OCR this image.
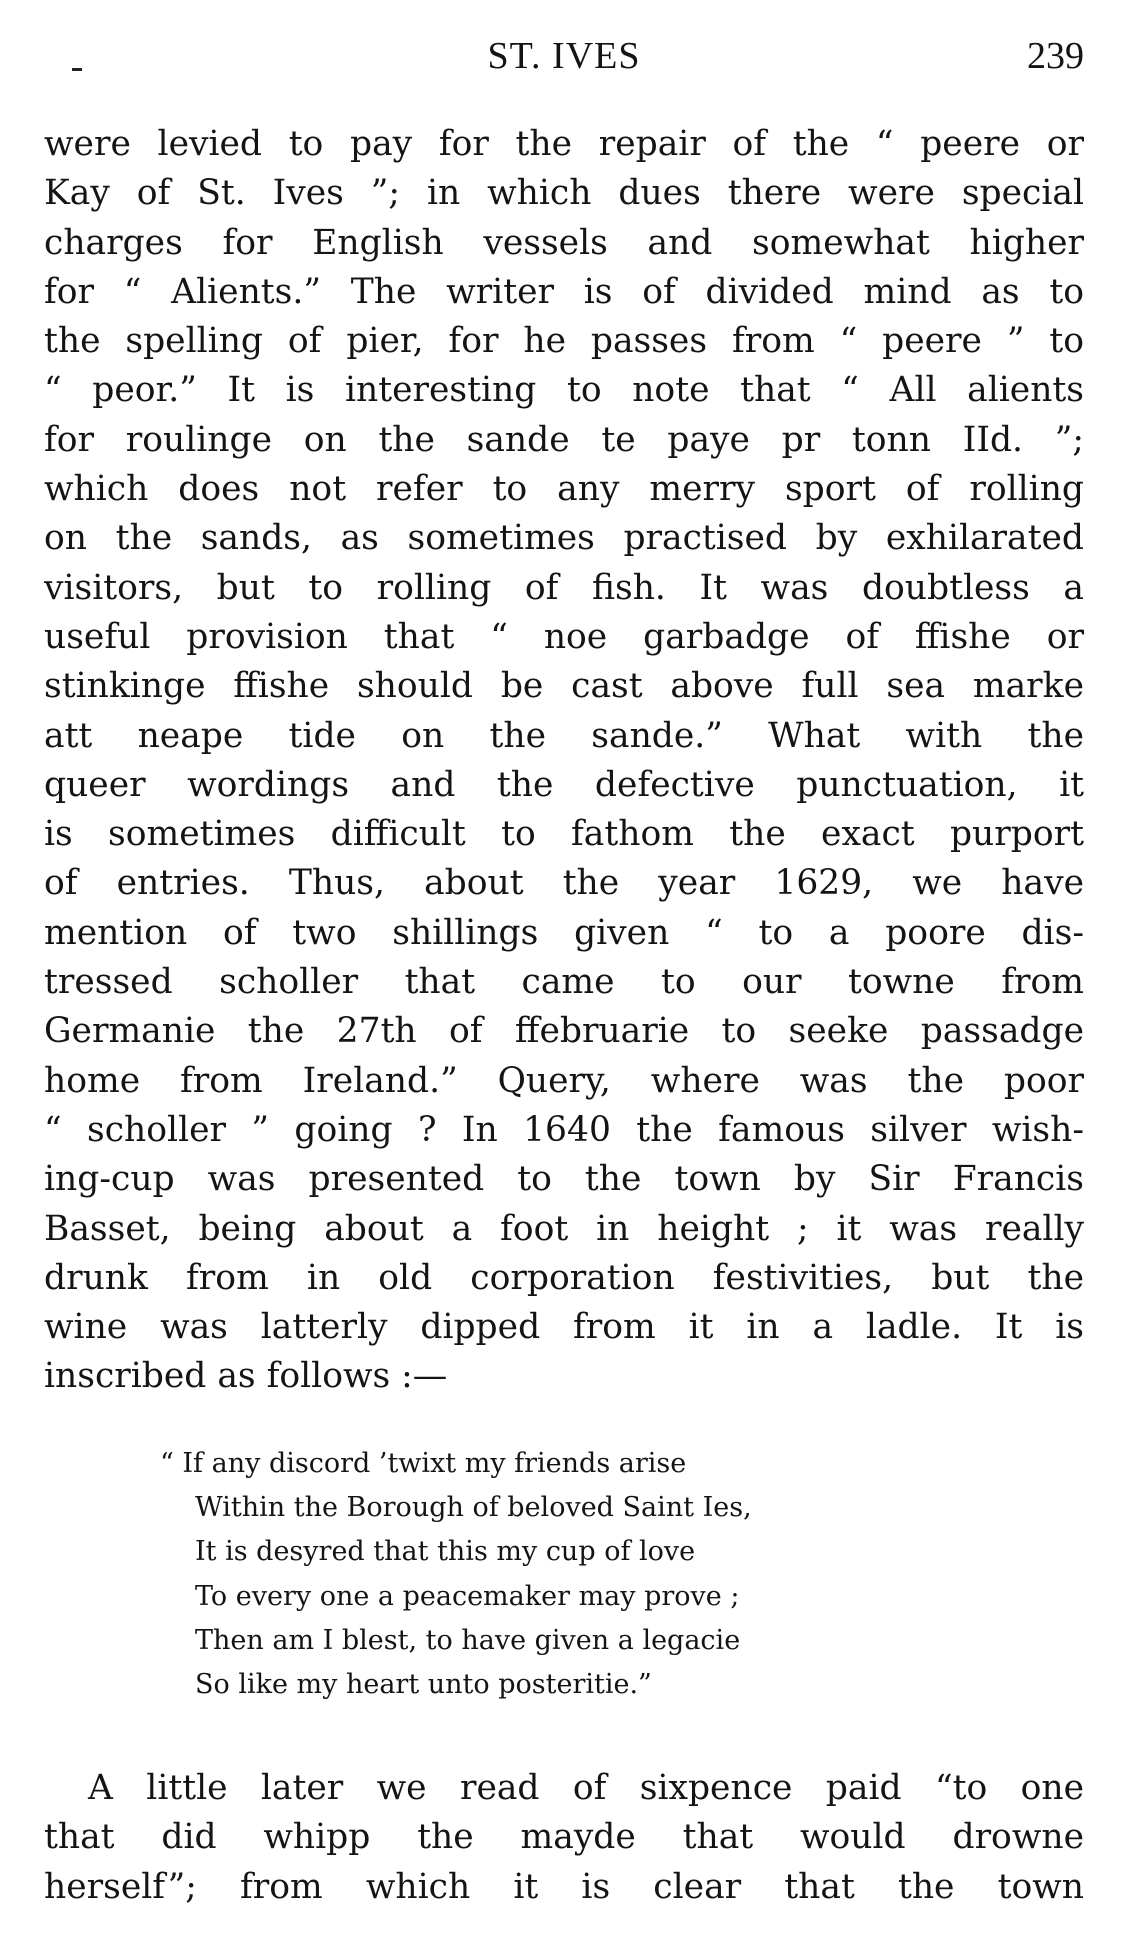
ST. IVES	239
were levied to pay for the repair of the “ peere or
Kay of St. Ives ”; in which dues there were special
charges for English vessels and somewhat higher
for “ Alients.” The writer is of divided mind as to
the spelling of pier, for he passes from “ peere ” to
“ peor.” It is interesting to note that “ All alients
for roulinge on the sande te paye pr tonn IId. ”;
which does not refer to any merry sport of rolling
on the sands, as sometimes practised by exhilarated
visitors, but to rolling of fish. It was doubtless a
useful provision that “ noe garbadge of ffishe or
stinkinge ffishe should be cast above full sea marke
att neape tide on the sande.” What with the
queer wordings and the defective punctuation, it
is sometimes difficult to fathom the exact purport
of entries. Thus, about the year 1629, we have
mention of two shillings given “ to a poore dis-
tressed scholler that came to our towne from
Germanie the 27th of ffebruarie to seeke passadge
home from Ireland.” Query, where was the poor
“ scholler ” going ? In 1640 the famous silver wish-
ing-cup was presented to the town by Sir Francis
Basset, being about a foot in height ; it was really
drunk from in old corporation festivities, but the
wine was latterly dipped from it in a ladle. It is
inscribed as follows :—
“ If any discord ’twixt my friends arise
Within the Borough of beloved Saint Ies,
It is desyred that this my cup of love
To every one a peacemaker may prove ;
Then am I blest, to have given a legacie
So like my heart unto posteritie.”
A little later we read of sixpence paid “to one
that did whipp the mayde that would drowne
herself”; from which it is clear that the town
